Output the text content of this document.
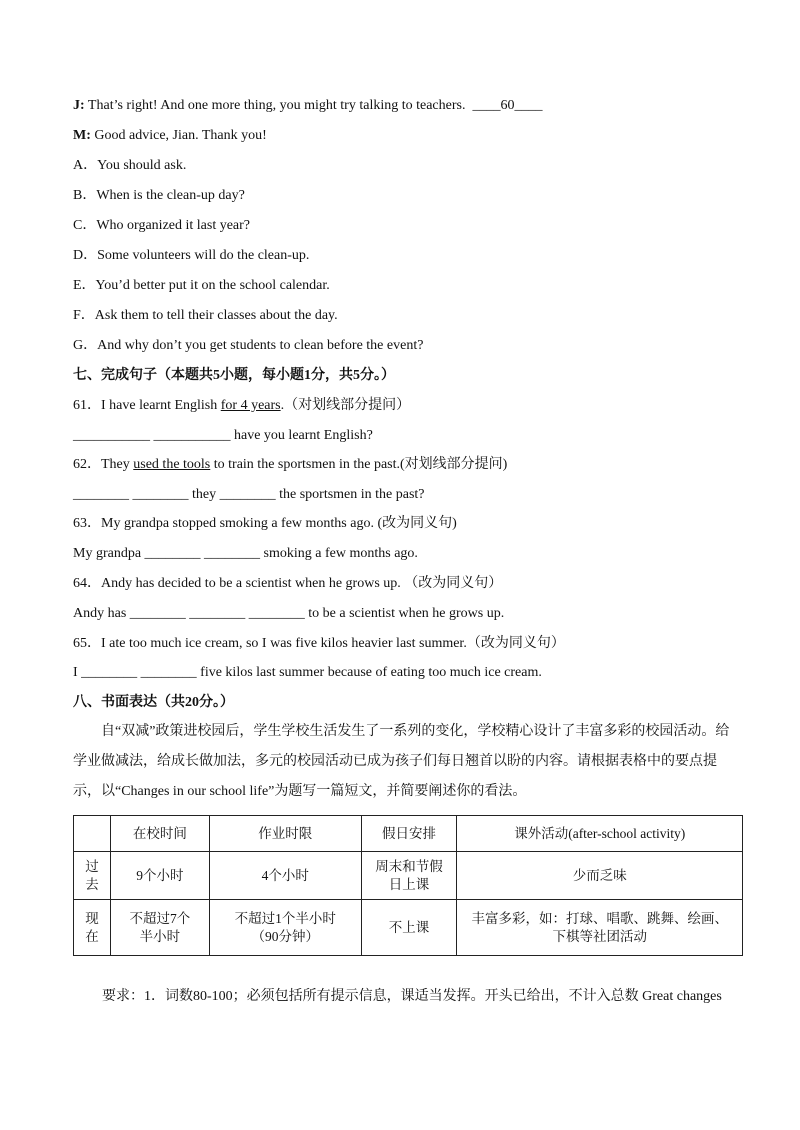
J: That’s right! And one more thing, you might try talking to teachers. ____60____
M: Good advice, Jian. Thank you!
A．You should ask.
B．When is the clean-up day?
C．Who organized it last year?
D．Some volunteers will do the clean-up.
E．You’d better put it on the school calendar.
F．Ask them to tell their classes about the day.
G．And why don’t you get students to clean before the event?
七、完成句子（本题共5小题，每小题1分，共5分。）
61．I have learnt English for 4 years.（对划线部分提问）
___________ ___________ have you learnt English?
62．They used the tools to train the sportsmen in the past.(对划线部分提问)
________ ________ they ________ the sportsmen in the past?
63．My grandpa stopped smoking a few months ago. (改为同义句)
My grandpa ________ ________ smoking a few months ago.
64．Andy has decided to be a scientist when he grows up. （改为同义句）
Andy has ________ ________ ________ to be a scientist when he grows up.
65．I ate too much ice cream, so I was five kilos heavier last summer.（改为同义句）
I ________ ________ five kilos last summer because of eating too much ice cream.
八、书面表达（共20分。）
自“双减”政策进校园后，学生学校生活发生了一系列的变化，学校精心设计了丰富多彩的校园活动。给学业做减法，给成长做加法，多元的校园活动已成为孩子们每日翘首以盼的内容。请根据表格中的要点提示，以“Changes in our school life”为题写一篇短文，并简要阐述你的看法。
	在校时间	作业时限	假日安排	课外活动(after-school activity)
过去	9个小时	4个小时	周末和节假日上课	少而乏味
现在	不超过7个半小时	不超过1个半小时（90分钟）	不上课	丰富多彩，如：打球、唱歌、跳舞、绘画、下棋等社团活动
要求：1．词数80-100；必须包括所有提示信息，课适当发挥。开头已给出，不计入总数 Great changes
